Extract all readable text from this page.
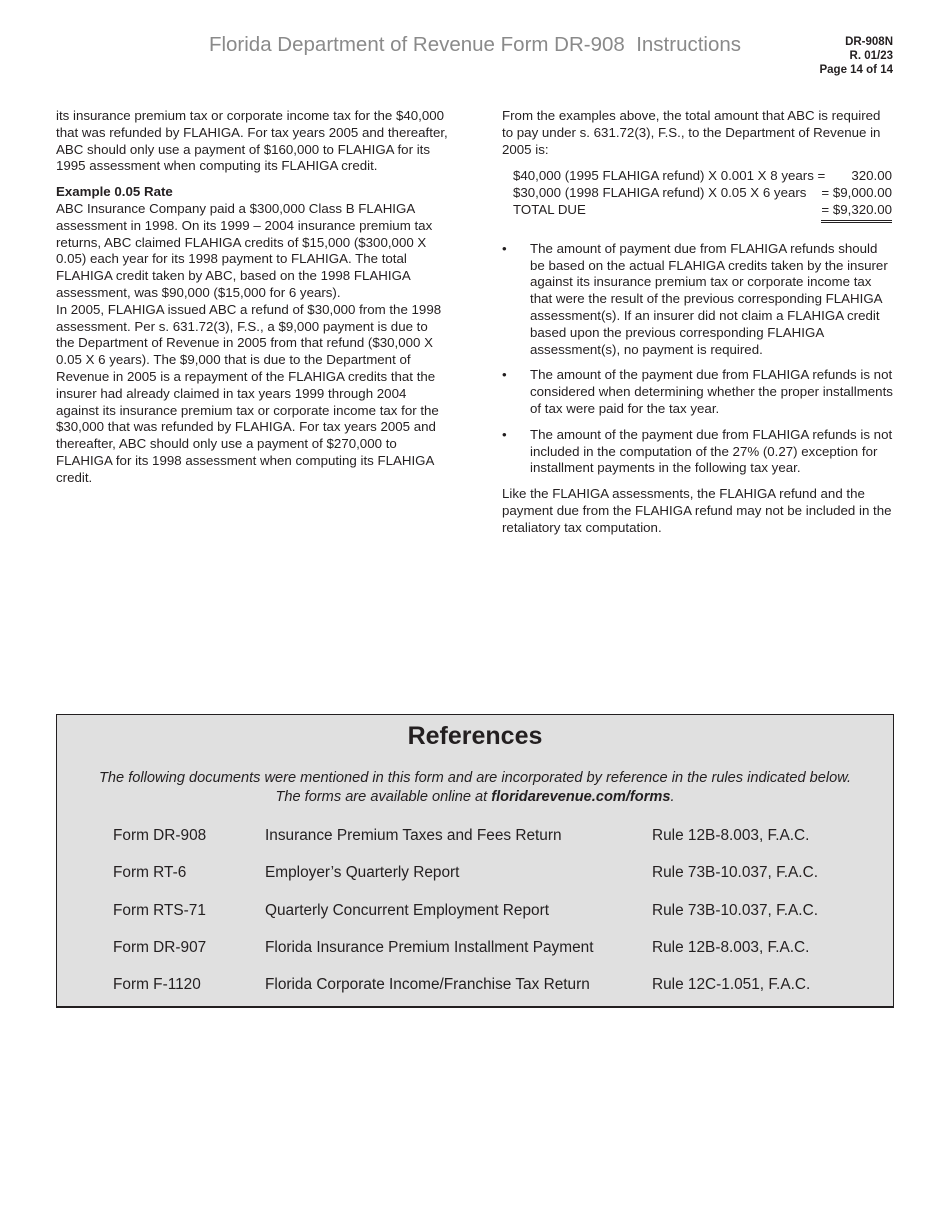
Florida Department of Revenue Form DR-908  Instructions	DR-908N
R. 01/23
Page 14 of 14

its insurance premium tax or corporate income tax for the $40,000 that was refunded by FLAHIGA. For tax years 2005 and thereafter, ABC should only use a payment of $160,000 to FLAHIGA for its 1995 assessment when computing its FLAHIGA credit.

Example 0.05 Rate

ABC Insurance Company paid a $300,000 Class B FLAHIGA assessment in 1998. On its 1999 – 2004 insurance premium tax returns, ABC claimed FLAHIGA credits of $15,000 ($300,000 X 0.05) each year for its 1998 payment to FLAHIGA. The total FLAHIGA credit taken by ABC, based on the 1998 FLAHIGA assessment, was $90,000 ($15,000 for 6 years).

In 2005, FLAHIGA issued ABC a refund of $30,000 from the 1998 assessment. Per s. 631.72(3), F.S., a $9,000 payment is due to the Department of Revenue in 2005 from that refund ($30,000 X 0.05 X 6 years). The $9,000 that is due to the Department of Revenue in 2005 is a repayment of the FLAHIGA credits that the insurer had already claimed in tax years 1999 through 2004 against its insurance premium tax or corporate income tax for the $30,000 that was refunded by FLAHIGA. For tax years 2005 and thereafter, ABC should only use a payment of $270,000 to FLAHIGA for its 1998 assessment when computing its FLAHIGA credit.

From the examples above, the total amount that ABC is required to pay under s. 631.72(3), F.S., to the Department of Revenue in 2005 is:

$40,000 (1995 FLAHIGA refund) X 0.001 X 8 years = 320.00
$30,000 (1998 FLAHIGA refund) X 0.05 X 6 years = $9,000.00
TOTAL DUE	= $9,320.00
• The amount of payment due from FLAHIGA refunds should be based on the actual FLAHIGA credits taken by the insurer against its insurance premium tax or corporate income tax that were the result of the previous corresponding FLAHIGA assessment(s). If an insurer did not claim a FLAHIGA credit based upon the previous corresponding FLAHIGA assessment(s), no payment is required.
• The amount of the payment due from FLAHIGA refunds is not considered when determining whether the proper installments of tax were paid for the tax year.
• The amount of the payment due from FLAHIGA refunds is not included in the computation of the 27% (0.27) exception for installment payments in the following tax year.

Like the FLAHIGA assessments, the FLAHIGA refund and the payment due from the FLAHIGA refund may not be included in the retaliatory tax computation.

References
The following documents were mentioned in this form and are incorporated by reference in the rules indicated below.
The forms are available online at floridarevenue.com/forms.
Form DR-908	Insurance Premium Taxes and Fees Return	Rule 12B-8.003, F.A.C.
Form RT-6	Employer’s Quarterly Report	Rule 73B-10.037, F.A.C.
Form RTS-71	Quarterly Concurrent Employment Report	Rule 73B-10.037, F.A.C.
Form DR-907	Florida Insurance Premium Installment Payment	Rule 12B-8.003, F.A.C.
Form F-1120	Florida Corporate Income/Franchise Tax Return	Rule 12C-1.051, F.A.C.
